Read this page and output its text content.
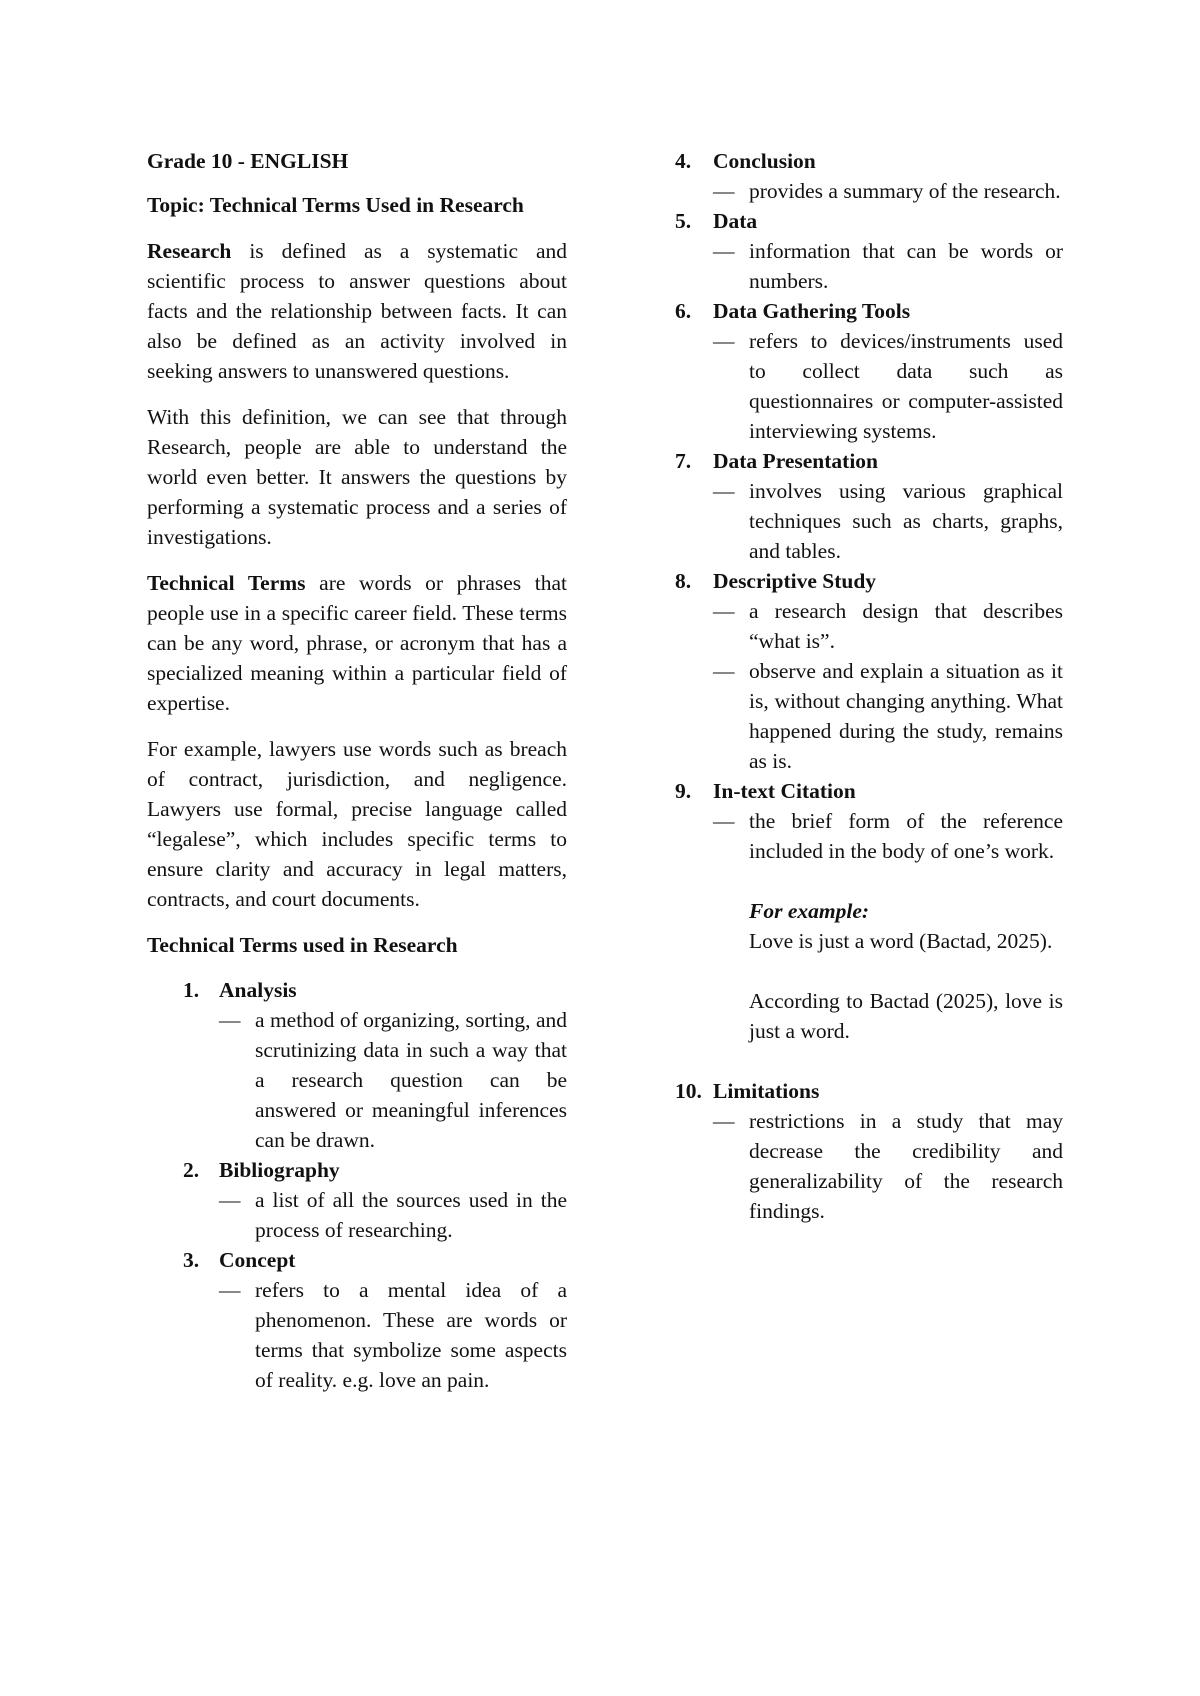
Grade 10 - ENGLISH

Topic: Technical Terms Used in Research

Research is defined as a systematic and scientific process to answer questions about facts and the relationship between facts. It can also be defined as an activity involved in seeking answers to unanswered questions.

With this definition, we can see that through Research, people are able to understand the world even better. It answers the questions by performing a systematic process and a series of investigations.

Technical Terms are words or phrases that people use in a specific career field. These terms can be any word, phrase, or acronym that has a specialized meaning within a particular field of expertise.

For example, lawyers use words such as breach of contract, jurisdiction, and negligence. Lawyers use formal, precise language called “legalese”, which includes specific terms to ensure clarity and accuracy in legal matters, contracts, and court documents.

Technical Terms used in Research

1. Analysis
— a method of organizing, sorting, and scrutinizing data in such a way that a research question can be answered or meaningful inferences can be drawn.
2. Bibliography
— a list of all the sources used in the process of researching.
3. Concept
— refers to a mental idea of a phenomenon. These are words or terms that symbolize some aspects of reality. e.g. love an pain.
4.	Conclusion
— provides a summary of the research.
5.	Data
— information that can be words or numbers.
6.	Data Gathering Tools
— refers to devices/instruments used to collect data such as questionnaires or computer-assisted interviewing systems.
7.	Data Presentation
— involves using various graphical techniques such as charts, graphs, and tables.
8.	Descriptive Study
— a research design that describes “what is”.
— observe and explain a situation as it is, without changing anything. What happened during the study, remains as is.
9.	In-text Citation
— the brief form of the reference included in the body of one’s work.

For example:

Love is just a word (Bactad, 2025).

According to Bactad (2025), love is just a word.

10. Limitations
— restrictions in a study that may decrease the credibility and generalizability of the research findings.
